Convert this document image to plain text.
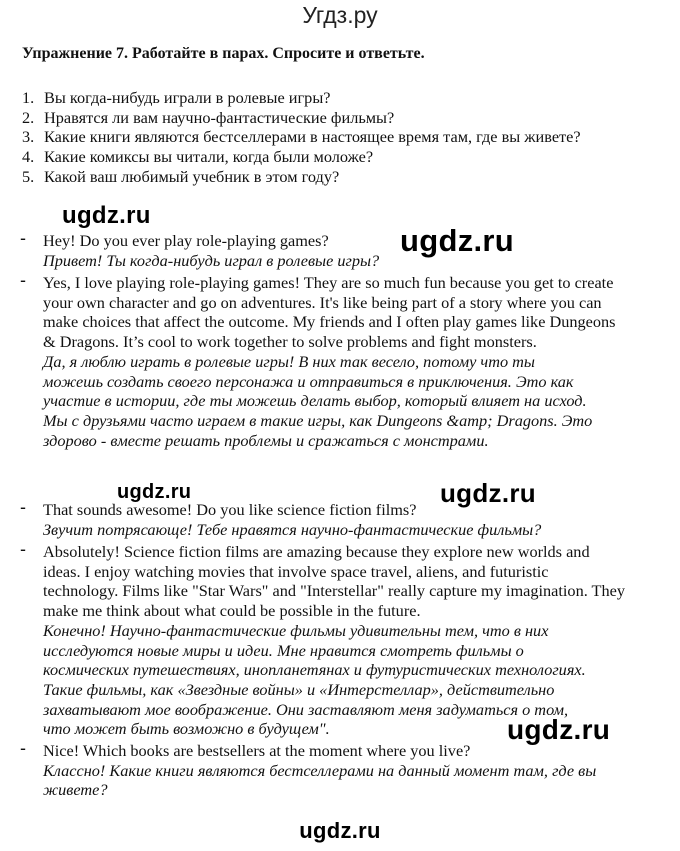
Угдз.ру
Упражнение 7. Работайте в парах. Спросите и ответьте.
1. Вы когда-нибудь играли в ролевые игры?
2. Нравятся ли вам научно-фантастические фильмы?
3. Какие книги являются бестселлерами в настоящее время там, где вы живете?
4. Какие комиксы вы читали, когда были моложе?
5. Какой ваш любимый учебник в этом году?
-	Hey! Do you ever play role-playing games?
Привет! Ты когда-нибудь играл в ролевые игры?
-	Yes, I love playing role-playing games! They are so much fun because you get to create your own character and go on adventures. It's like being part of a story where you can make choices that affect the outcome. My friends and I often play games like Dungeons & Dragons. It’s cool to work together to solve problems and fight monsters.
Да, я люблю играть в ролевые игры! В них так весело, потому что ты можешь создать своего персонажа и отправиться в приключения. Это как участие в истории, где ты можешь делать выбор, который влияет на исход. Мы с друзьями часто играем в такие игры, как Dungeons &amp; Dragons. Это здорово - вместе решать проблемы и сражаться с монстрами.
-	That sounds awesome! Do you like science fiction films?
Звучит потрясающе! Тебе нравятся научно-фантастические фильмы?
-	Absolutely! Science fiction films are amazing because they explore new worlds and ideas. I enjoy watching movies that involve space travel, aliens, and futuristic technology. Films like "Star Wars" and "Interstellar" really capture my imagination. They make me think about what could be possible in the future.
Конечно! Научно-фантастические фильмы удивительны тем, что в них исследуются новые миры и идеи. Мне нравится смотреть фильмы о космических путешествиях, инопланетянах и футуристических технологиях. Такие фильмы, как «Звездные войны» и «Интерстеллар», действительно захватывают мое воображение. Они заставляют меня задуматься о том, что может быть возможно в будущем".
-	Nice! Which books are bestsellers at the moment where you live?
Классно! Какие книги являются бестселлерами на данный момент там, где вы живете?
ugdz.ru
ugdz.ru
ugdz.ru	ugdz.ru
ugdz.ru
ugdz.ru
